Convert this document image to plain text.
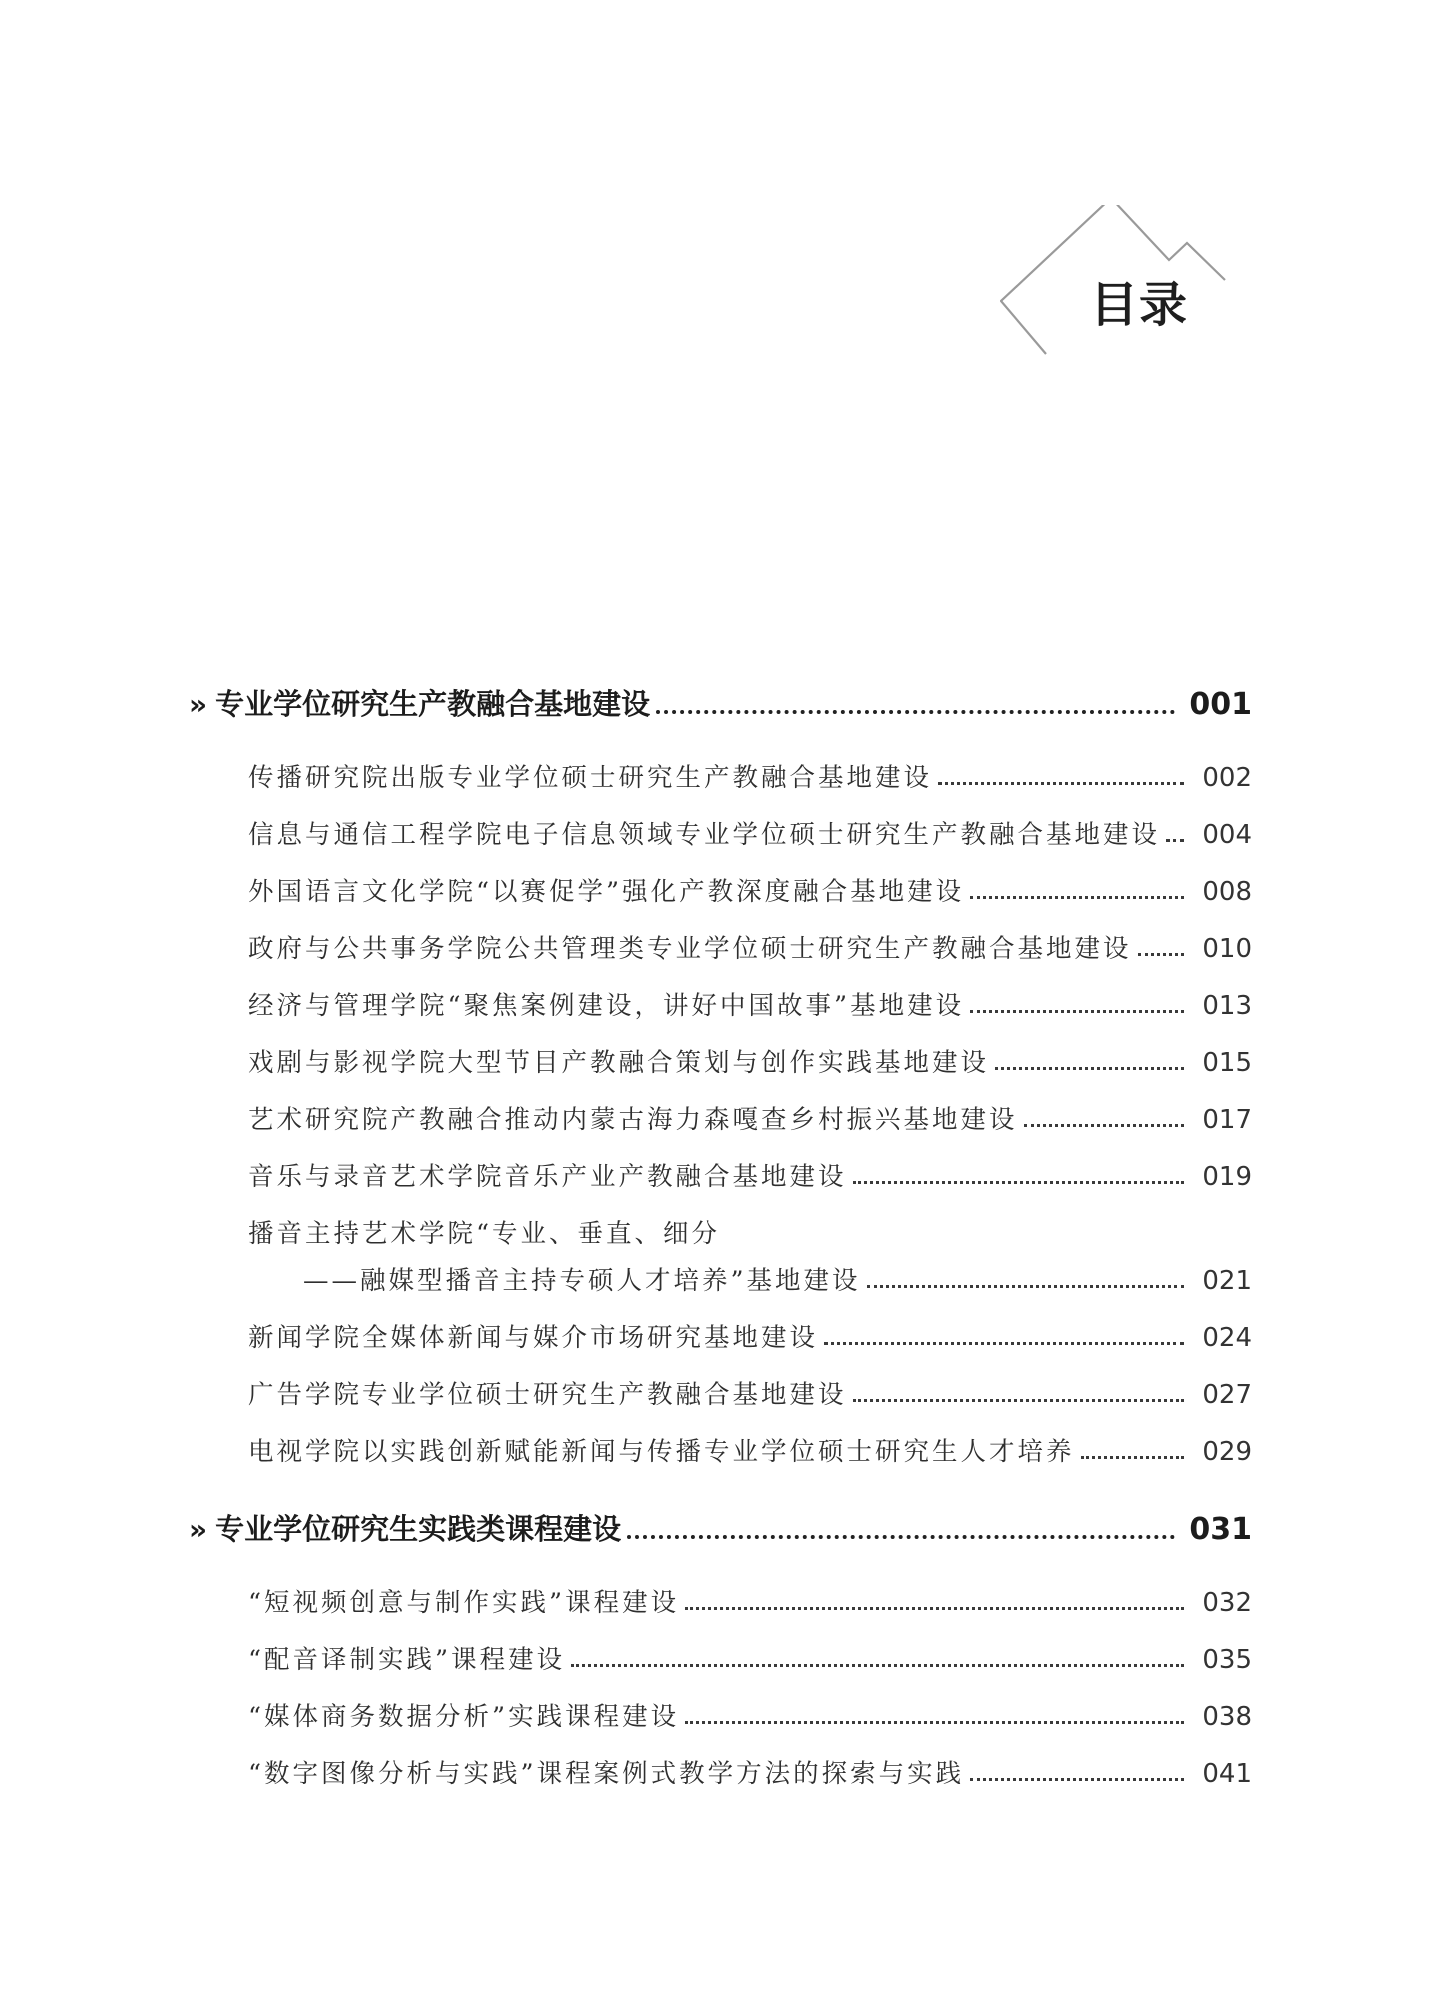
目录
» 专业学位研究生产教融合基地建设	001
传播研究院出版专业学位硕士研究生产教融合基地建设	002
信息与通信工程学院电子信息领域专业学位硕士研究生产教融合基地建设 004
外国语言文化学院“以赛促学”强化产教深度融合基地建设	008
政府与公共事务学院公共管理类专业学位硕士研究生产教融合基地建设	010
经济与管理学院“聚焦案例建设，讲好中国故事”基地建设	013
戏剧与影视学院大型节目产教融合策划与创作实践基地建设	015
艺术研究院产教融合推动内蒙古海力森嘎查乡村振兴基地建设	017
音乐与录音艺术学院音乐产业产教融合基地建设	019
播音主持艺术学院“专业、垂直、细分
——融媒型播音主持专硕人才培养”基地建设	021
新闻学院全媒体新闻与媒介市场研究基地建设	024
广告学院专业学位硕士研究生产教融合基地建设	027
电视学院以实践创新赋能新闻与传播专业学位硕士研究生人才培养	029
» 专业学位研究生实践类课程建设	031
“短视频创意与制作实践”课程建设	032
“配音译制实践”课程建设	035
“媒体商务数据分析”实践课程建设	038
“数字图像分析与实践”课程案例式教学方法的探索与实践	041
